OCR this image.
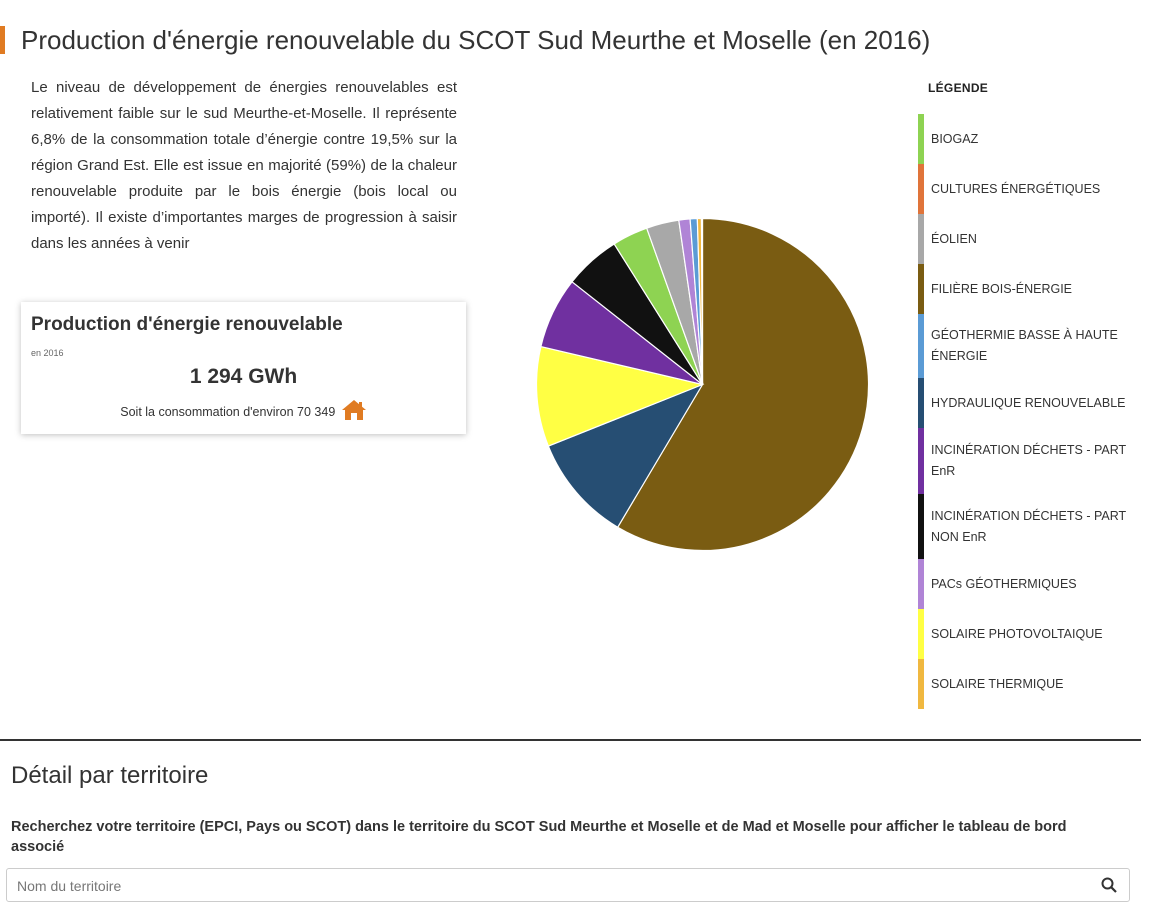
Production d'énergie renouvelable du SCOT Sud Meurthe et Moselle (en 2016)

Le niveau de développement de énergies renouvelables est relativement faible sur le sud Meurthe-et-Moselle. Il représente 6,8% de la consommation totale d’énergie contre 19,5% sur la région Grand Est. Elle est issue en majorité (59%) de la chaleur renouvelable produite par le bois énergie (bois local ou importé). Il existe d’importantes marges de progression à saisir dans les années à venir

Production d'énergie renouvelable
en 2016
1 294 GWh
Soit la consommation d'environ 70 349
LÉGENDE
BIOGAZ
CULTURES ÉNERGÉTIQUES
ÉOLIEN
FILIÈRE BOIS-ÉNERGIE
GÉOTHERMIE BASSE À HAUTE ÉNERGIE
HYDRAULIQUE RENOUVELABLE
INCINÉRATION DÉCHETS - PART EnR
INCINÉRATION DÉCHETS - PART NON EnR
PACs GÉOTHERMIQUES
SOLAIRE PHOTOVOLTAIQUE
SOLAIRE THERMIQUE
Détail par territoire
Recherchez votre territoire (EPCI, Pays ou SCOT) dans le territoire du SCOT Sud Meurthe et Moselle et de Mad et Moselle pour afficher le tableau de bord associé
Nom du territoire
